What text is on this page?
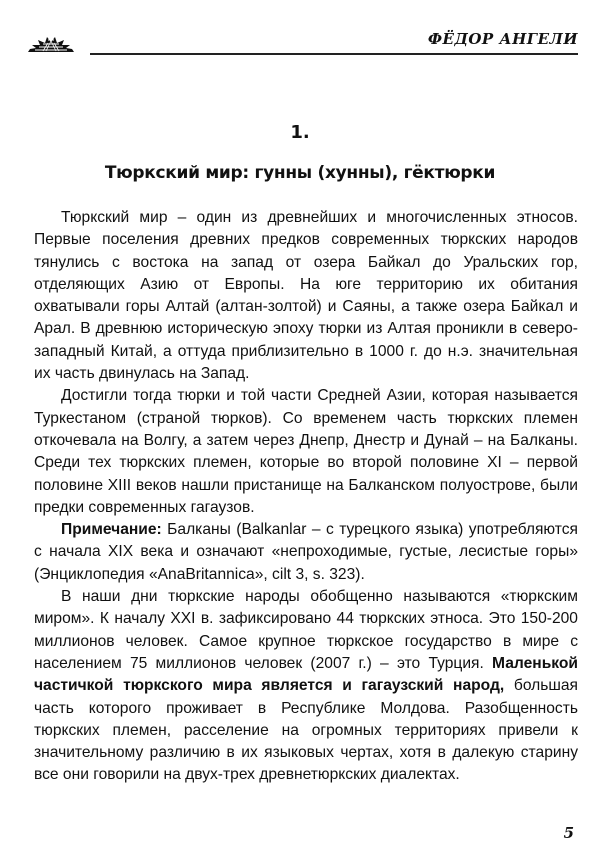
ФЁДОР АНГЕЛИ
1.
Тюркский мир: гунны (хунны), гёктюрки

Тюркский мир – один из древнейших и многочисленных этносов. Первые поселения древних предков современных тюркских народов тянулись с востока на запад от озера Байкал до Уральских гор, отделяющих Азию от Европы. На юге территорию их обитания охватывали горы Алтай (алтан-золтой) и Саяны, а также озера Байкал и Арал. В древнюю историческую эпоху тюрки из Алтая проникли в северо-западный Китай, а оттуда приблизительно в 1000 г. до н.э. значительная их часть двинулась на Запад.

Достигли тогда тюрки и той части Средней Азии, которая называется Туркестаном (страной тюрков). Со временем часть тюркских племен откочевала на Волгу, а затем через Днепр, Днестр и Дунай – на Балканы. Среди тех тюркских племен, которые во второй половине XI – первой половине XIII веков нашли пристанище на Балканском полуострове, были предки современных гагаузов.

Примечание: Балканы (Balkanlar – с турецкого языка) употребляются с начала XIX века и означают «непроходимые, густые, лесистые горы» (Энциклопедия «AnaBritannica», cilt 3, s. 323).

В наши дни тюркские народы обобщенно называются «тюркским миром». К началу XXI в. зафиксировано 44 тюркских этноса. Это 150-200 миллионов человек. Самое крупное тюркское государство в мире с населением 75 миллионов человек (2007 г.) – это Турция. Маленькой частичкой тюркского мира является и гагаузский народ, большая часть которого проживает в Республике Молдова. Разобщенность тюркских племен, расселение на огромных территориях привели к значительному различию в их языковых чертах, хотя в далекую старину все они говорили на двух-трех древнетюркских диалектах.

5
